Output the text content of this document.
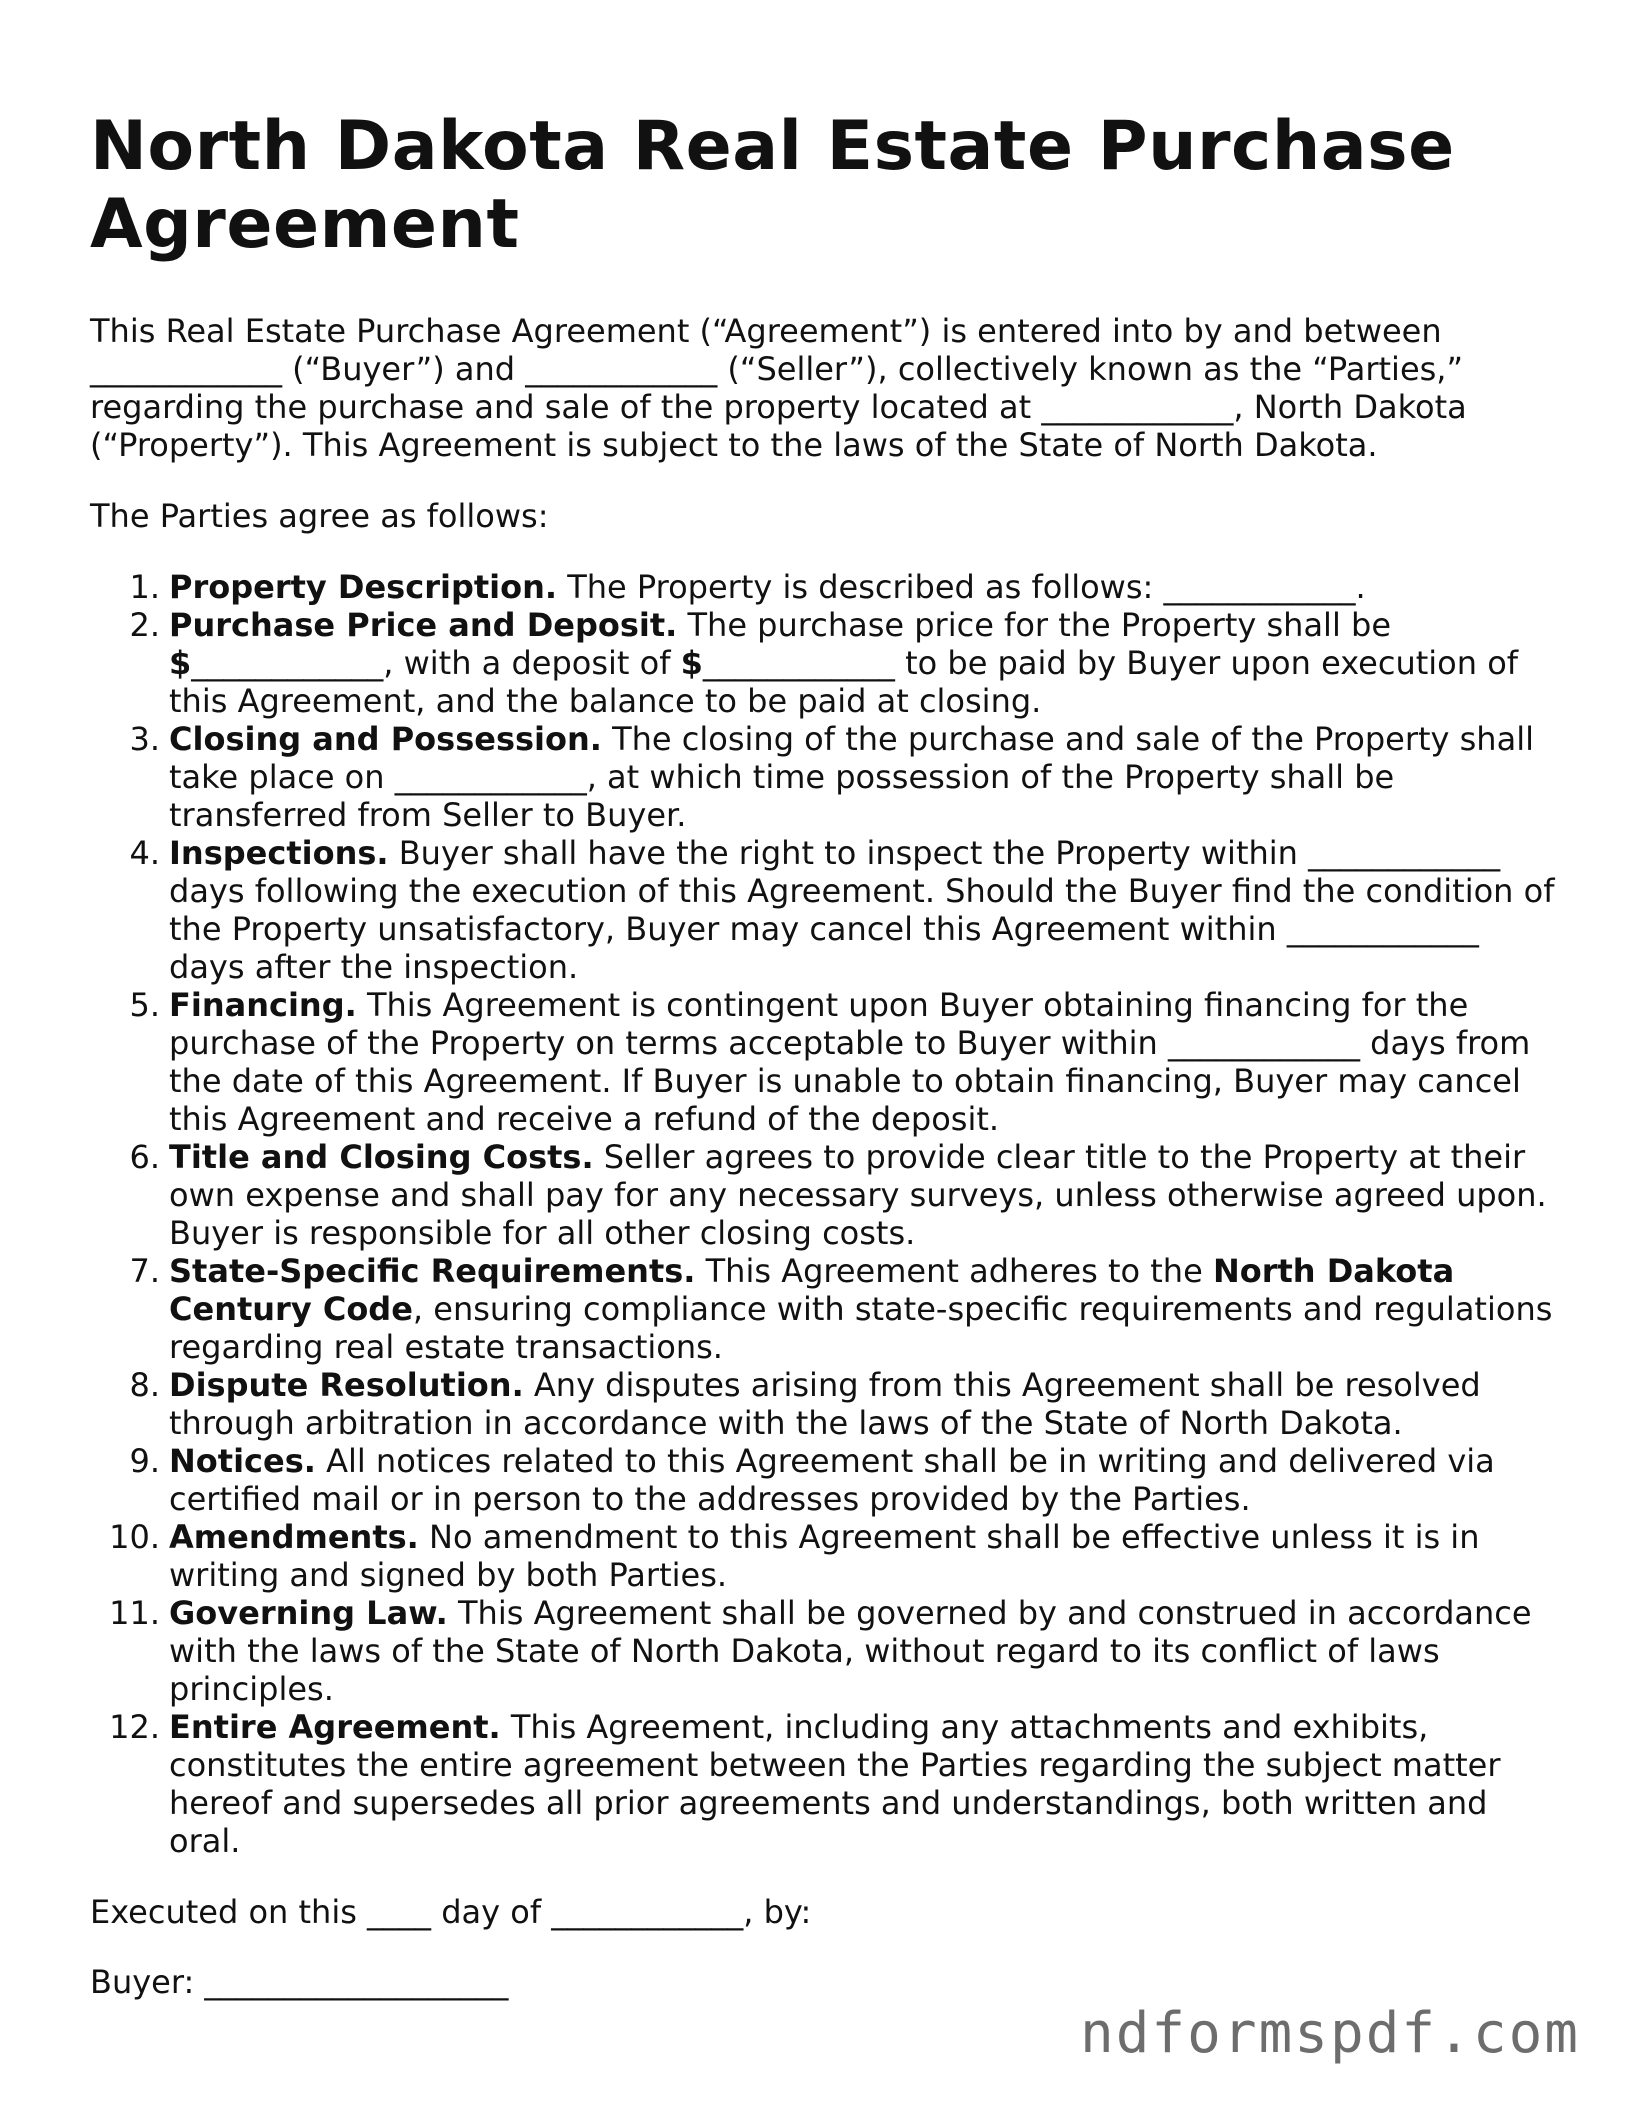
North Dakota Real Estate Purchase Agreement

This Real Estate Purchase Agreement (“Agreement”) is entered into by and between ____________ (“Buyer”) and ____________ (“Seller”), collectively known as the “Parties,” regarding the purchase and sale of the property located at ____________, North Dakota (“Property”). This Agreement is subject to the laws of the State of North Dakota.

The Parties agree as follows:

1. Property Description. The Property is described as follows: ____________.
2. Purchase Price and Deposit. The purchase price for the Property shall be $____________, with a deposit of $____________ to be paid by Buyer upon execution of this Agreement, and the balance to be paid at closing.
3. Closing and Possession. The closing of the purchase and sale of the Property shall take place on ____________, at which time possession of the Property shall be transferred from Seller to Buyer.
4. Inspections. Buyer shall have the right to inspect the Property within ____________ days following the execution of this Agreement. Should the Buyer find the condition of the Property unsatisfactory, Buyer may cancel this Agreement within ____________ days after the inspection.
5. Financing. This Agreement is contingent upon Buyer obtaining financing for the purchase of the Property on terms acceptable to Buyer within ____________ days from the date of this Agreement. If Buyer is unable to obtain financing, Buyer may cancel this Agreement and receive a refund of the deposit.
6. Title and Closing Costs. Seller agrees to provide clear title to the Property at their own expense and shall pay for any necessary surveys, unless otherwise agreed upon. Buyer is responsible for all other closing costs.
7. State-Specific Requirements. This Agreement adheres to the North Dakota Century Code, ensuring compliance with state-specific requirements and regulations regarding real estate transactions.
8. Dispute Resolution. Any disputes arising from this Agreement shall be resolved through arbitration in accordance with the laws of the State of North Dakota.
9. Notices. All notices related to this Agreement shall be in writing and delivered via certified mail or in person to the addresses provided by the Parties.
10. Amendments. No amendment to this Agreement shall be effective unless it is in writing and signed by both Parties.
11. Governing Law. This Agreement shall be governed by and construed in accordance with the laws of the State of North Dakota, without regard to its conflict of laws principles.
12. Entire Agreement. This Agreement, including any attachments and exhibits, constitutes the entire agreement between the Parties regarding the subject matter hereof and supersedes all prior agreements and understandings, both written and oral.

Executed on this ____ day of ____________, by:

Buyer: ___________________

ndformspdf.com
